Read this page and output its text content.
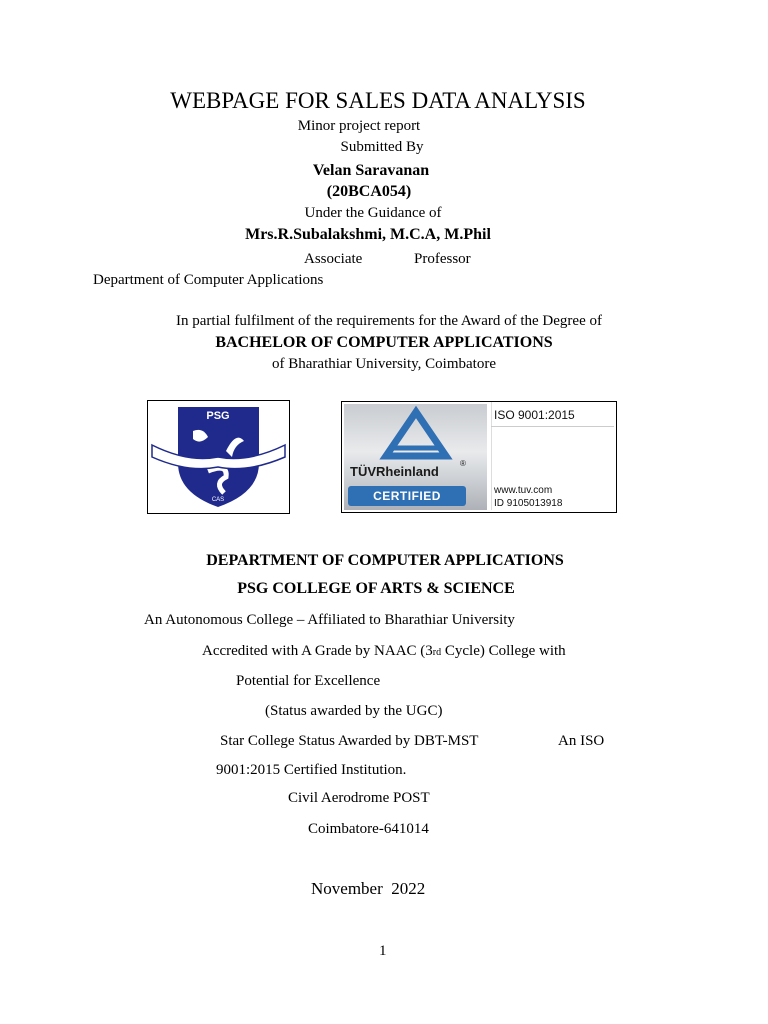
WEBPAGE FOR SALES DATA ANALYSIS
Minor project report
Submitted By
Velan Saravanan
(20BCA054)
Under the Guidance of
Mrs.R.Subalakshmi, M.C.A, M.Phil
Associate	Professor
Department of Computer Applications
In partial fulfilment of the requirements for the Award of the Degree of
BACHELOR OF COMPUTER APPLICATIONS
of Bharathiar University, Coimbatore
PSG
CAS
TÜVRheinland
®
CERTIFIED
ISO 9001:2015
www.tuv.com
ID 9105013918
DEPARTMENT OF COMPUTER APPLICATIONS
PSG COLLEGE OF ARTS & SCIENCE
An Autonomous College – Affiliated to Bharathiar University
Accredited with A Grade by NAAC (3rd Cycle) College with
Potential for Excellence
(Status awarded by the UGC)
Star College Status Awarded by DBT-MST	An ISO
9001:2015 Certified Institution.
Civil Aerodrome POST
Coimbatore-641014
November  2022
1
